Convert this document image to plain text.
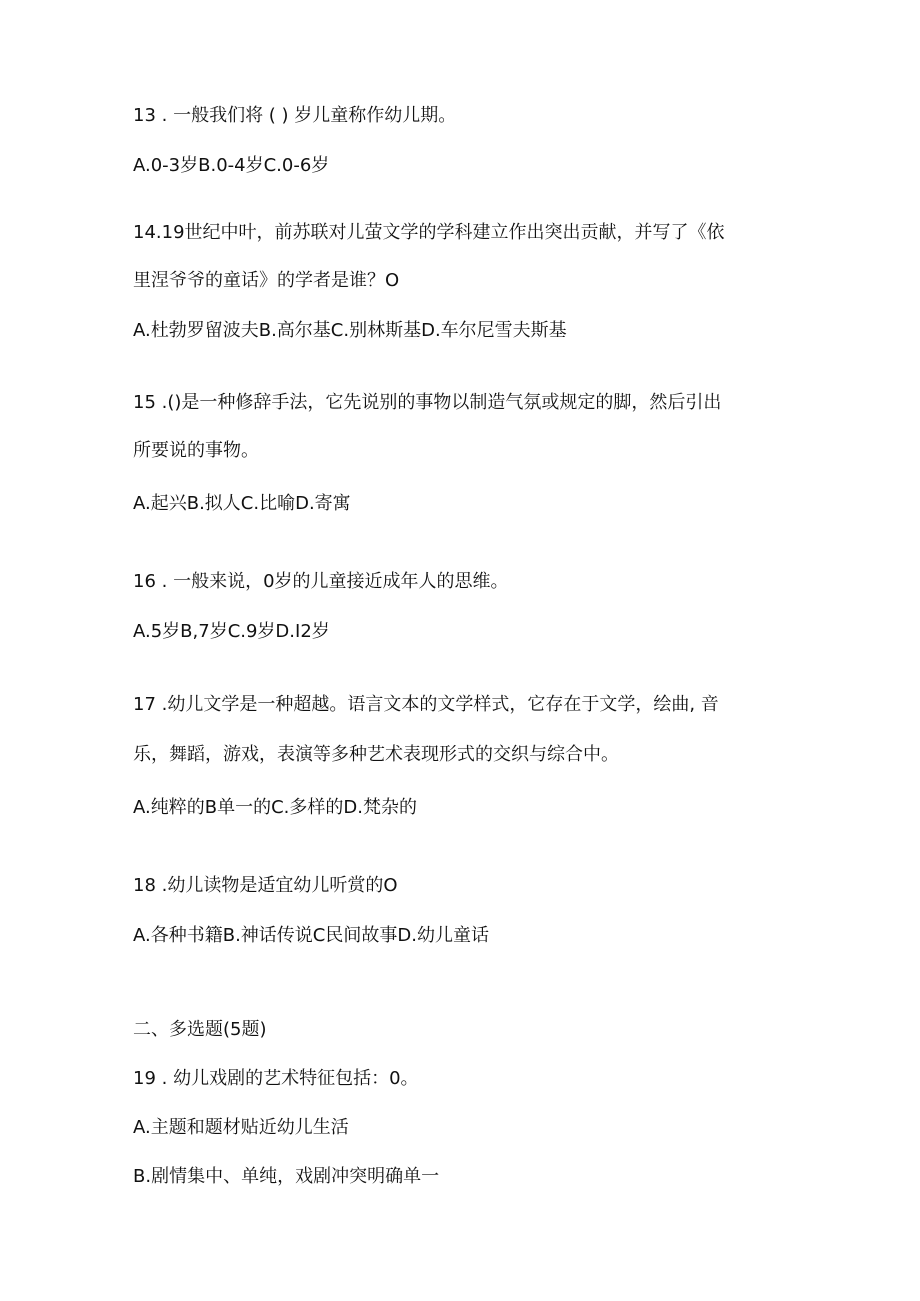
13 . 一般我们将 ( ) 岁儿童称作幼儿期。

A.0-3岁B.0-4岁C.0-6岁

14.19世纪中叶，前苏联对儿萤文学的学科建立作出突出贡献，并写了《依

里涅爷爷的童话》的学者是谁？O

A.杜勃罗留波夫B.高尔基C.别林斯基D.车尔尼雪夫斯基

15 .()是一种修辞手法，它先说别的事物以制造气氛或规定的脚，然后引出

所要说的事物。

A.起兴B.拟人C.比喻D.寄寓

16 . 一般来说，0岁的儿童接近成年人的思维。

A.5岁B,7岁C.9岁D.I2岁

17 .幼儿文学是一种超越。语言文本的文学样式，它存在于文学，绘曲, 音

乐，舞蹈，游戏，表演等多种艺术表现形式的交织与综合中。

A.纯粹的B单一的C.多样的D.梵杂的

18 .幼儿读物是适宜幼儿听赏的O

A.各种书籍B.神话传说C民间故事D.幼儿童话

二、多选题(5题)

19 . 幼儿戏剧的艺术特征包括：0。

A.主题和题材贴近幼儿生活

B.剧情集中、单纯，戏剧冲突明确单一
